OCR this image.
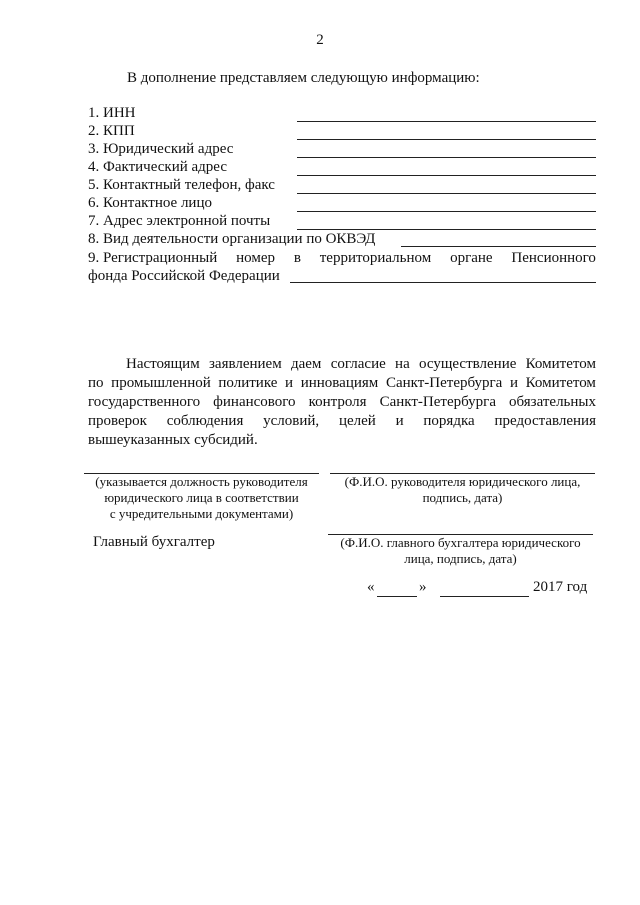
2
В дополнение представляем следующую информацию:
1. ИНН
2. КПП
3. Юридический адрес
4. Фактический адрес
5. Контактный телефон, факс
6. Контактное лицо
7. Адрес электронной почты
8. Вид деятельности организации по ОКВЭД
9. Регистрационный номер в территориальном органе Пенсионного
фонда Российской Федерации
Настоящим заявлением даем согласие на осуществление Комитетом
по промышленной политике и инновациям Санкт-Петербурга и Комитетом
государственного финансового контроля Санкт-Петербурга обязательных
проверок соблюдения условий, целей и порядка предоставления
вышеуказанных субсидий.
(указывается должность руководителя
юридического лица в соответствии
с учредительными документами)
(Ф.И.О. руководителя юридического лица,
подпись, дата)
Главный бухгалтер	(Ф.И.О. главного бухгалтера юридического
лица, подпись, дата)
«	»	2017 год
